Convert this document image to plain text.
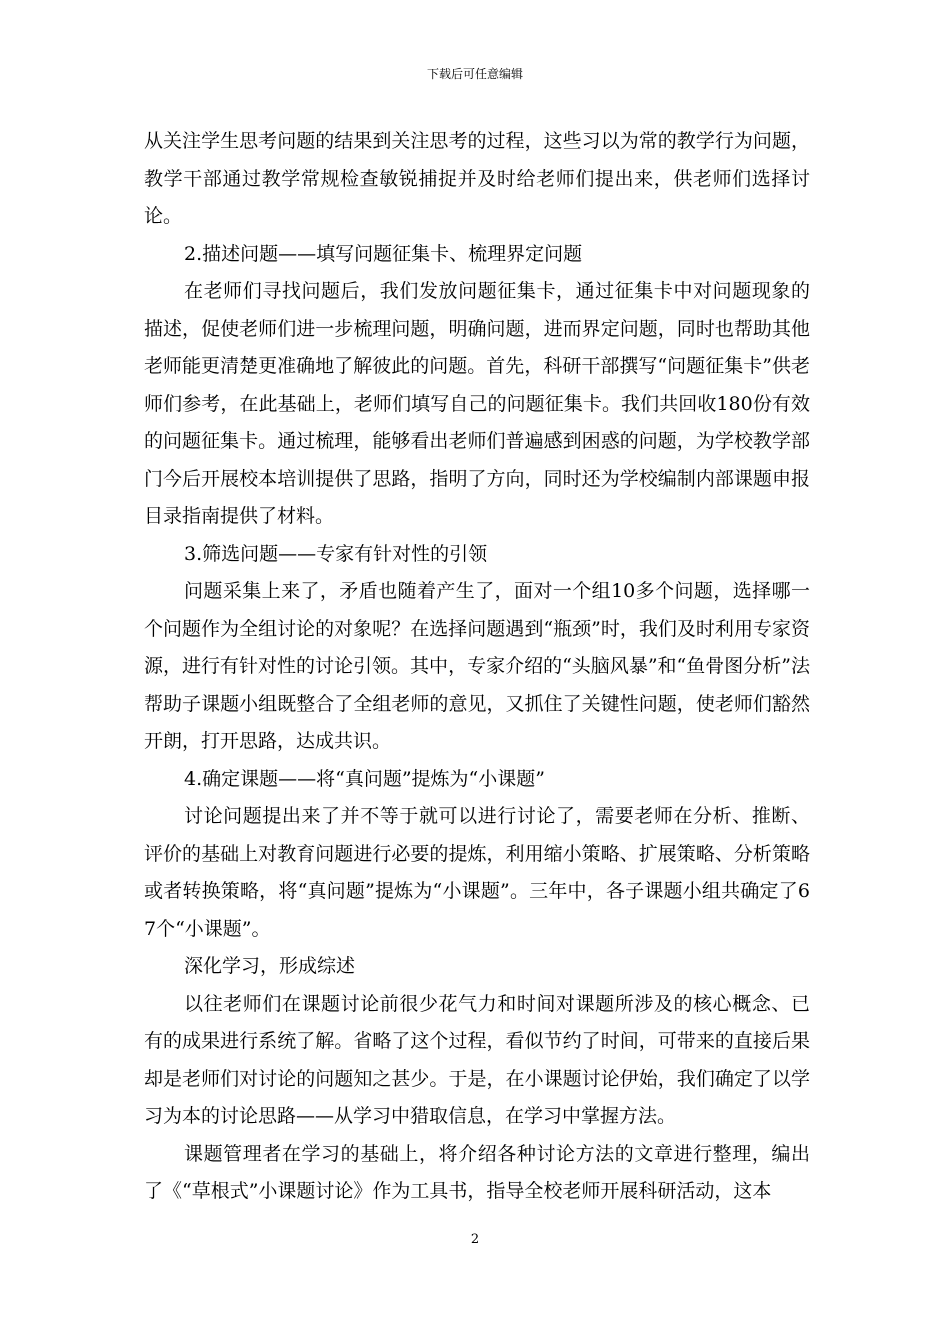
下载后可任意编辑

从关注学生思考问题的结果到关注思考的过程，这些习以为常的教学行为问题，教学干部通过教学常规检查敏锐捕捉并及时给老师们提出来，供老师们选择讨论。

2.描述问题——填写问题征集卡、梳理界定问题

在老师们寻找问题后，我们发放问题征集卡，通过征集卡中对问题现象的描述，促使老师们进一步梳理问题，明确问题，进而界定问题，同时也帮助其他老师能更清楚更准确地了解彼此的问题。首先，科研干部撰写“问题征集卡”供老师们参考，在此基础上，老师们填写自己的问题征集卡。我们共回收180份有效的问题征集卡。通过梳理，能够看出老师们普遍感到困惑的问题，为学校教学部门今后开展校本培训提供了思路，指明了方向，同时还为学校编制内部课题申报目录指南提供了材料。

3.筛选问题——专家有针对性的引领

问题采集上来了，矛盾也随着产生了，面对一个组10多个问题，选择哪一个问题作为全组讨论的对象呢？在选择问题遇到“瓶颈”时，我们及时利用专家资源，进行有针对性的讨论引领。其中，专家介绍的“头脑风暴”和“鱼骨图分析”法帮助子课题小组既整合了全组老师的意见，又抓住了关键性问题，使老师们豁然开朗，打开思路，达成共识。

4.确定课题——将“真问题”提炼为“小课题”

讨论问题提出来了并不等于就可以进行讨论了，需要老师在分析、推断、评价的基础上对教育问题进行必要的提炼，利用缩小策略、扩展策略、分析策略或者转换策略，将“真问题”提炼为“小课题”。三年中，各子课题小组共确定了67个“小课题”。

深化学习，形成综述

以往老师们在课题讨论前很少花气力和时间对课题所涉及的核心概念、已有的成果进行系统了解。省略了这个过程，看似节约了时间，可带来的直接后果却是老师们对讨论的问题知之甚少。于是，在小课题讨论伊始，我们确定了以学习为本的讨论思路——从学习中猎取信息，在学习中掌握方法。

课题管理者在学习的基础上，将介绍各种讨论方法的文章进行整理，编出了《“草根式”小课题讨论》作为工具书，指导全校老师开展科研活动，这本

2
